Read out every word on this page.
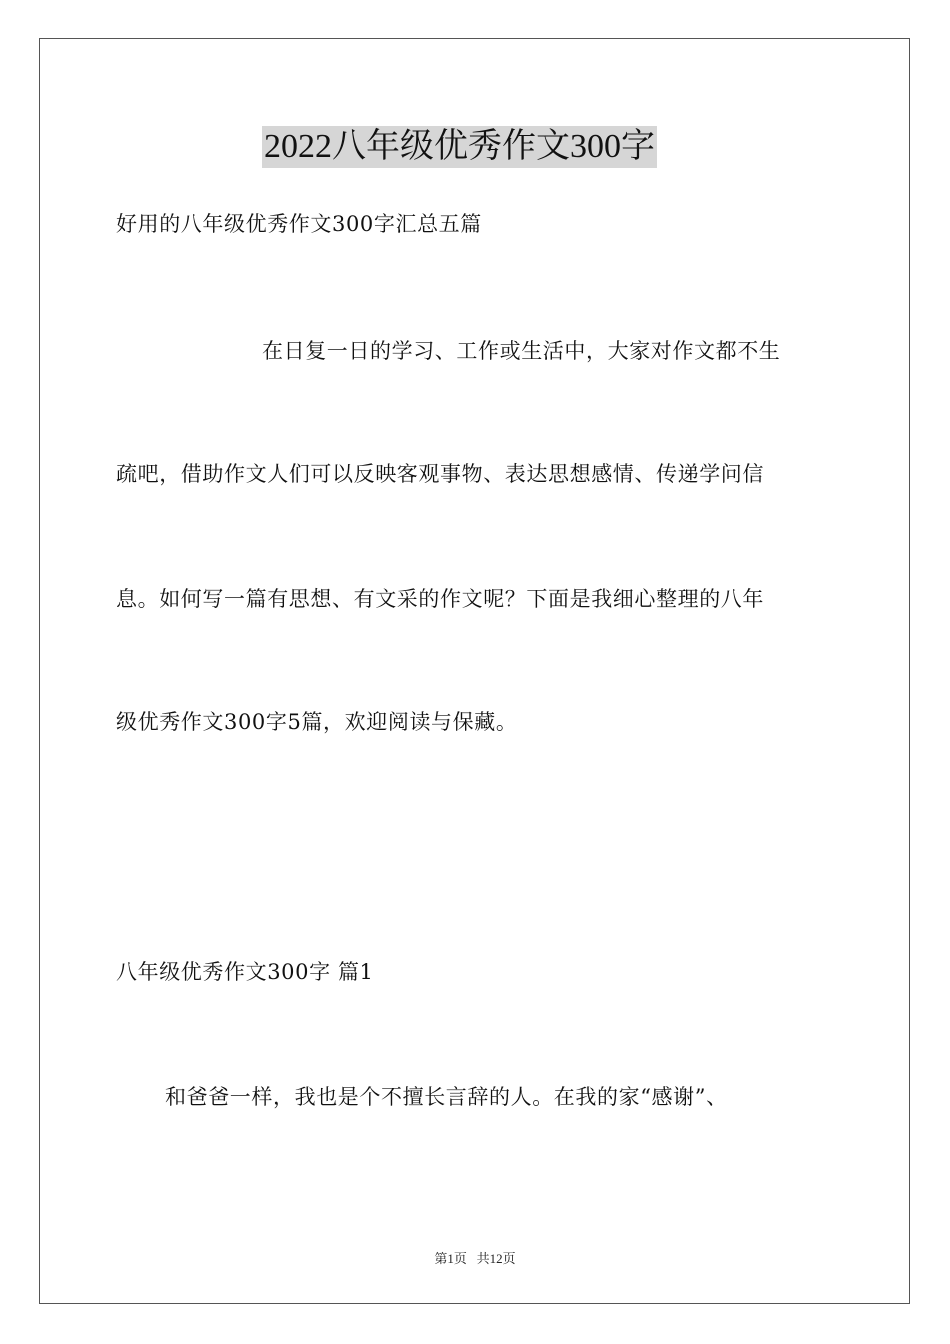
2022八年级优秀作文300字
好用的八年级优秀作文300字汇总五篇
在日复一日的学习、工作或生活中，大家对作文都不生
疏吧，借助作文人们可以反映客观事物、表达思想感情、传递学问信
息。如何写一篇有思想、有文采的作文呢？下面是我细心整理的八年
级优秀作文300字5篇，欢迎阅读与保藏。
八年级优秀作文300字 篇1
和爸爸一样，我也是个不擅长言辞的人。在我的家“感谢”、
第1页   共12页
